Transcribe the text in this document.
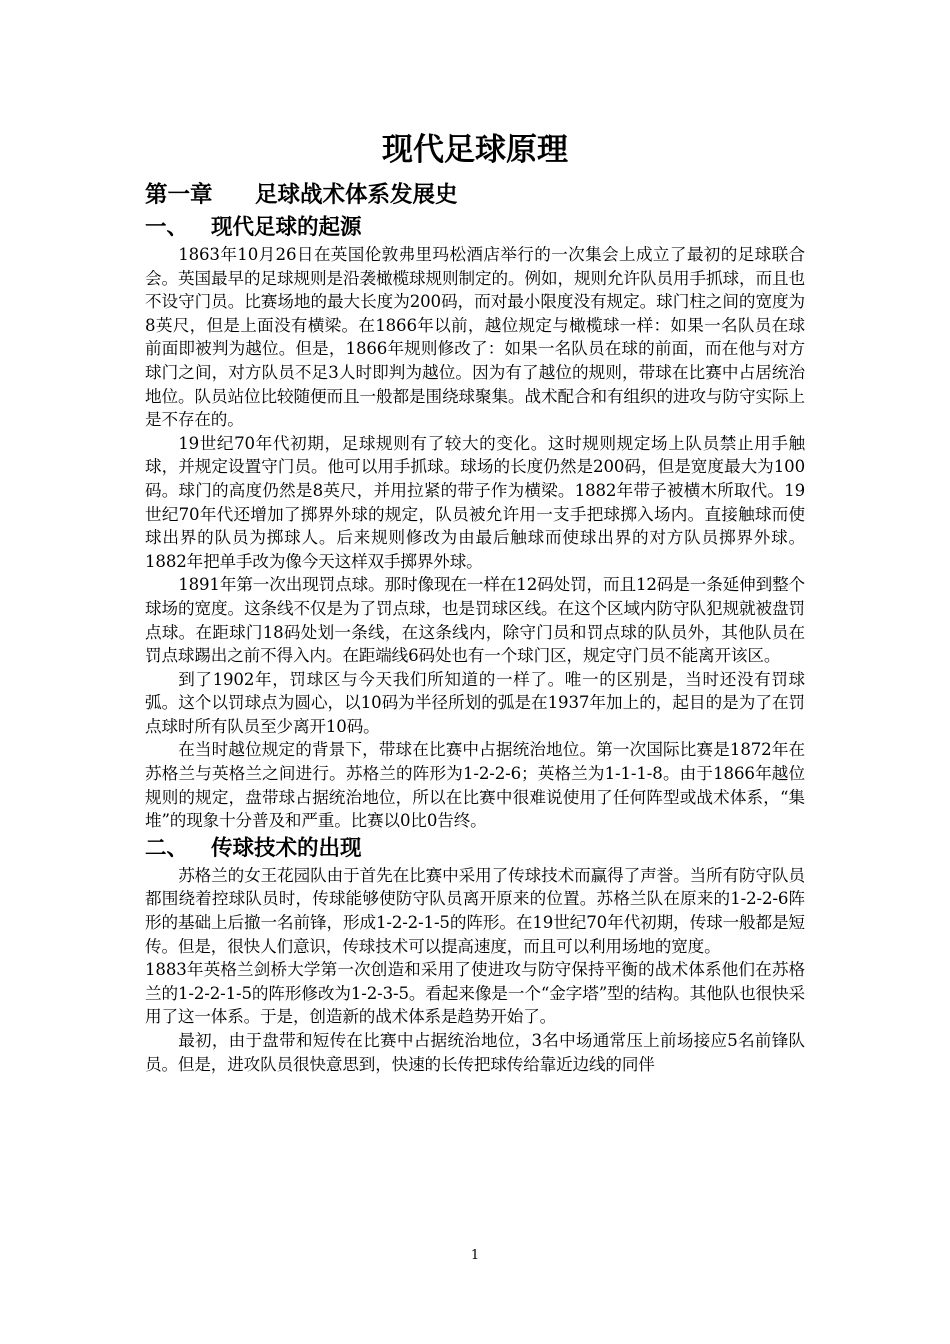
现代足球原理
第一章 足球战术体系发展史
一、 现代足球的起源

1863年10月26日在英国伦敦弗里玛松酒店举行的一次集会上成立了最初的足球联合会。英国最早的足球规则是沿袭橄榄球规则制定的。例如，规则允许队员用手抓球，而且也不设守门员。比赛场地的最大长度为200码，而对最小限度没有规定。球门柱之间的宽度为8英尺，但是上面没有横梁。在1866年以前，越位规定与橄榄球一样：如果一名队员在球前面即被判为越位。但是，1866年规则修改了：如果一名队员在球的前面，而在他与对方球门之间，对方队员不足3人时即判为越位。因为有了越位的规则，带球在比赛中占居统治地位。队员站位比较随便而且一般都是围绕球聚集。战术配合和有组织的进攻与防守实际上是不存在的。

19世纪70年代初期，足球规则有了较大的变化。这时规则规定场上队员禁止用手触球，并规定设置守门员。他可以用手抓球。球场的长度仍然是200码，但是宽度最大为100码。球门的高度仍然是8英尺，并用拉紧的带子作为横梁。1882年带子被横木所取代。19世纪70年代还增加了掷界外球的规定，队员被允许用一支手把球掷入场内。直接触球而使球出界的队员为掷球人。后来规则修改为由最后触球而使球出界的对方队员掷界外球。1882年把单手改为像今天这样双手掷界外球。

1891年第一次出现罚点球。那时像现在一样在12码处罚，而且12码是一条延伸到整个球场的宽度。这条线不仅是为了罚点球，也是罚球区线。在这个区域内防守队犯规就被盘罚点球。在距球门18码处划一条线，在这条线内，除守门员和罚点球的队员外，其他队员在罚点球踢出之前不得入内。在距端线6码处也有一个球门区，规定守门员不能离开该区。

到了1902年，罚球区与今天我们所知道的一样了。唯一的区别是，当时还没有罚球弧。这个以罚球点为圆心，以10码为半径所划的弧是在1937年加上的，起目的是为了在罚点球时所有队员至少离开10码。

在当时越位规定的背景下，带球在比赛中占据统治地位。第一次国际比赛是1872年在苏格兰与英格兰之间进行。苏格兰的阵形为1-2-2-6；英格兰为1-1-1-8。由于1866年越位规则的规定，盘带球占据统治地位，所以在比赛中很难说使用了任何阵型或战术体系，“集堆”的现象十分普及和严重。比赛以0比0告终。

二、 传球技术的出现

苏格兰的女王花园队由于首先在比赛中采用了传球技术而赢得了声誉。当所有防守队员都围绕着控球队员时，传球能够使防守队员离开原来的位置。苏格兰队在原来的1-2-2-6阵形的基础上后撤一名前锋，形成1-2-2-1-5的阵形。在19世纪70年代初期，传球一般都是短传。但是，很快人们意识，传球技术可以提高速度，而且可以利用场地的宽度。

1883年英格兰剑桥大学第一次创造和采用了使进攻与防守保持平衡的战术体系他们在苏格兰的1-2-2-1-5的阵形修改为1-2-3-5。看起来像是一个“金字塔”型的结构。其他队也很快采用了这一体系。于是，创造新的战术体系是趋势开始了。

最初，由于盘带和短传在比赛中占据统治地位，3名中场通常压上前场接应5名前锋队员。但是，进攻队员很快意思到，快速的长传把球传给靠近边线的同伴

1
